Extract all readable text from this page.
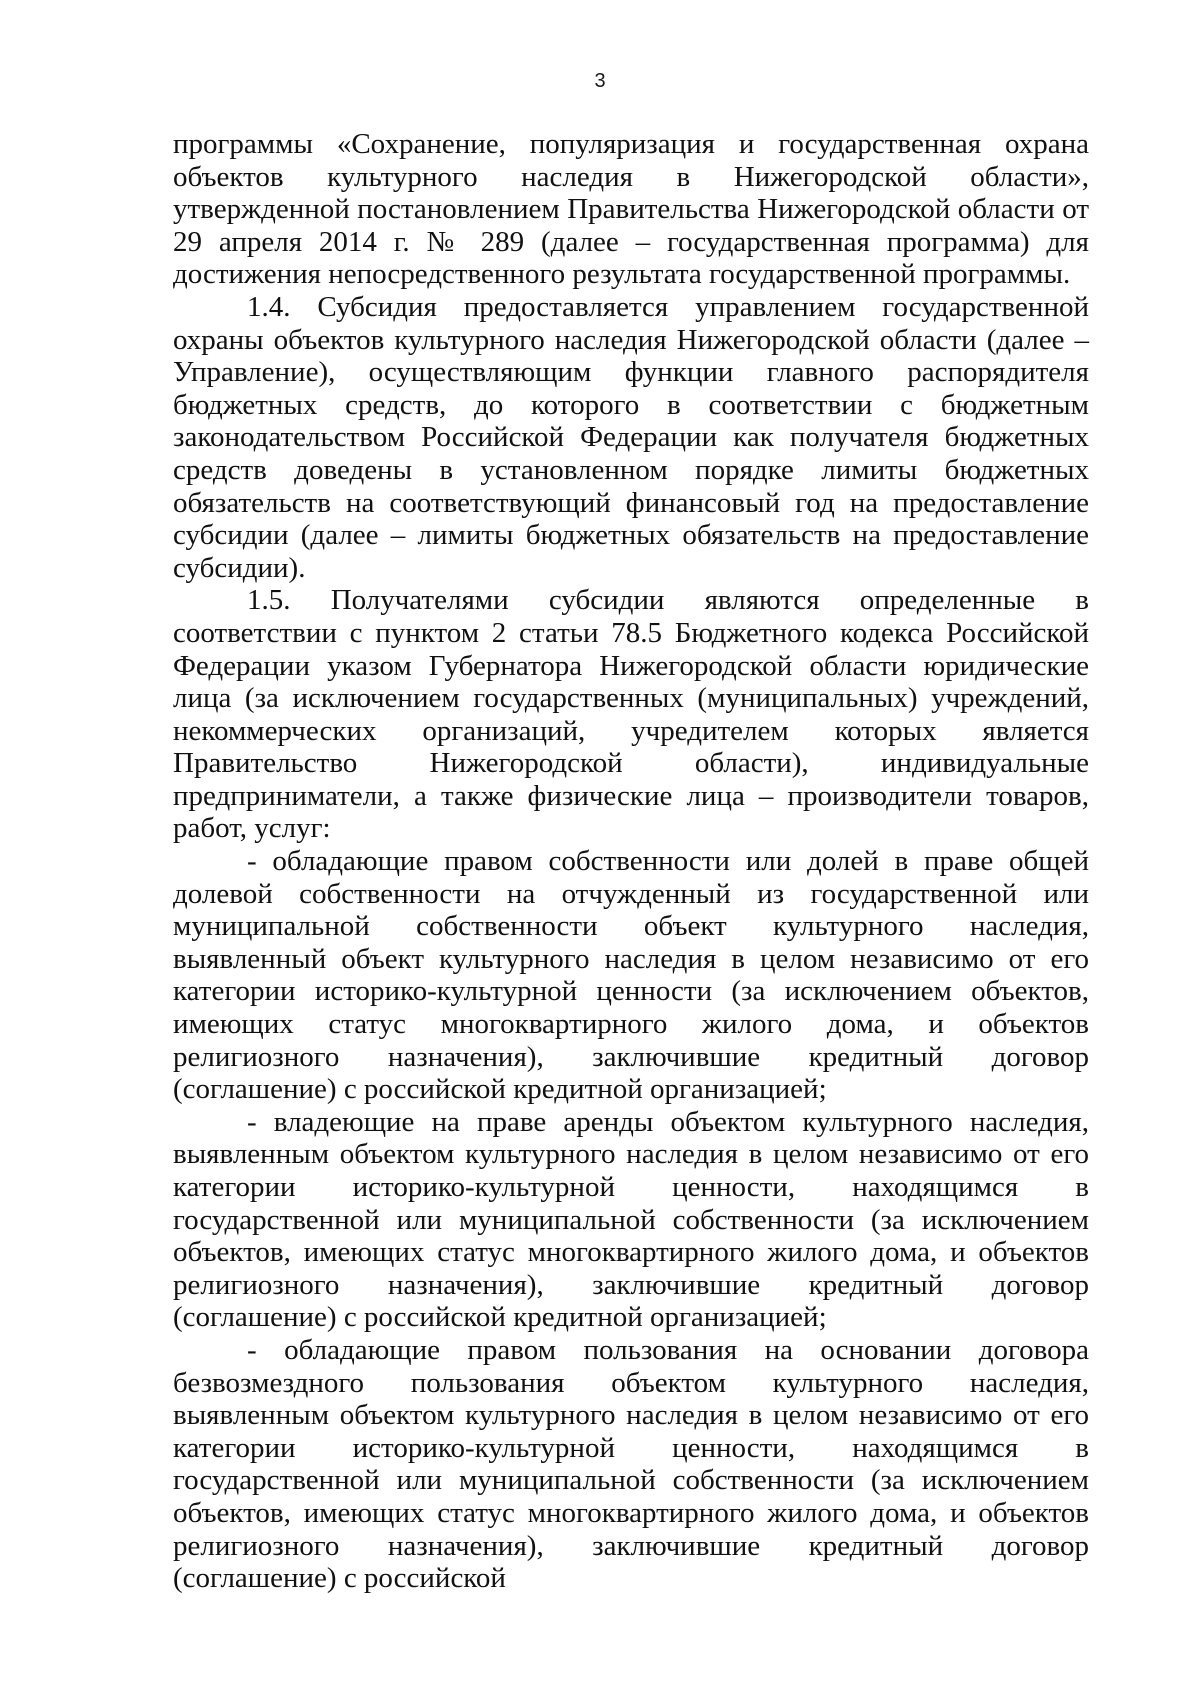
3

программы «Сохранение, популяризация и государственная охрана объектов культурного наследия в Нижегородской области», утвержденной постановлением Правительства Нижегородской области от 29 апреля 2014 г. № 289 (далее – государственная программа) для достижения непосредственного результата государственной программы.

1.4. Субсидия предоставляется управлением государственной охраны объектов культурного наследия Нижегородской области (далее – Управление), осуществляющим функции главного распорядителя бюджетных средств, до которого в соответствии с бюджетным законодательством Российской Федерации как получателя бюджетных средств доведены в установленном порядке лимиты бюджетных обязательств на соответствующий финансовый год на предоставление субсидии (далее – лимиты бюджетных обязательств на предоставление субсидии).

1.5. Получателями субсидии являются определенные в соответствии с пунктом 2 статьи 78.5 Бюджетного кодекса Российской Федерации указом Губернатора Нижегородской области юридические лица (за исключением государственных (муниципальных) учреждений, некоммерческих организаций, учредителем которых является Правительство Нижегородской области), индивидуальные предприниматели, а также физические лица – производители товаров, работ, услуг:

- обладающие правом собственности или долей в праве общей долевой собственности на отчужденный из государственной или муниципальной собственности объект культурного наследия, выявленный объект культурного наследия в целом независимо от его категории историко-культурной ценности (за исключением объектов, имеющих статус многоквартирного жилого дома, и объектов религиозного назначения), заключившие кредитный договор (соглашение) с российской кредитной организацией;

- владеющие на праве аренды объектом культурного наследия, выявленным объектом культурного наследия в целом независимо от его категории историко-культурной ценности, находящимся в государственной или муниципальной собственности (за исключением объектов, имеющих статус многоквартирного жилого дома, и объектов религиозного назначения), заключившие кредитный договор (соглашение) с российской кредитной организацией;

- обладающие правом пользования на основании договора безвозмездного пользования объектом культурного наследия, выявленным объектом культурного наследия в целом независимо от его категории историко-культурной ценности, находящимся в государственной или муниципальной собственности (за исключением объектов, имеющих статус многоквартирного жилого дома, и объектов религиозного назначения), заключившие кредитный договор (соглашение) с российской
